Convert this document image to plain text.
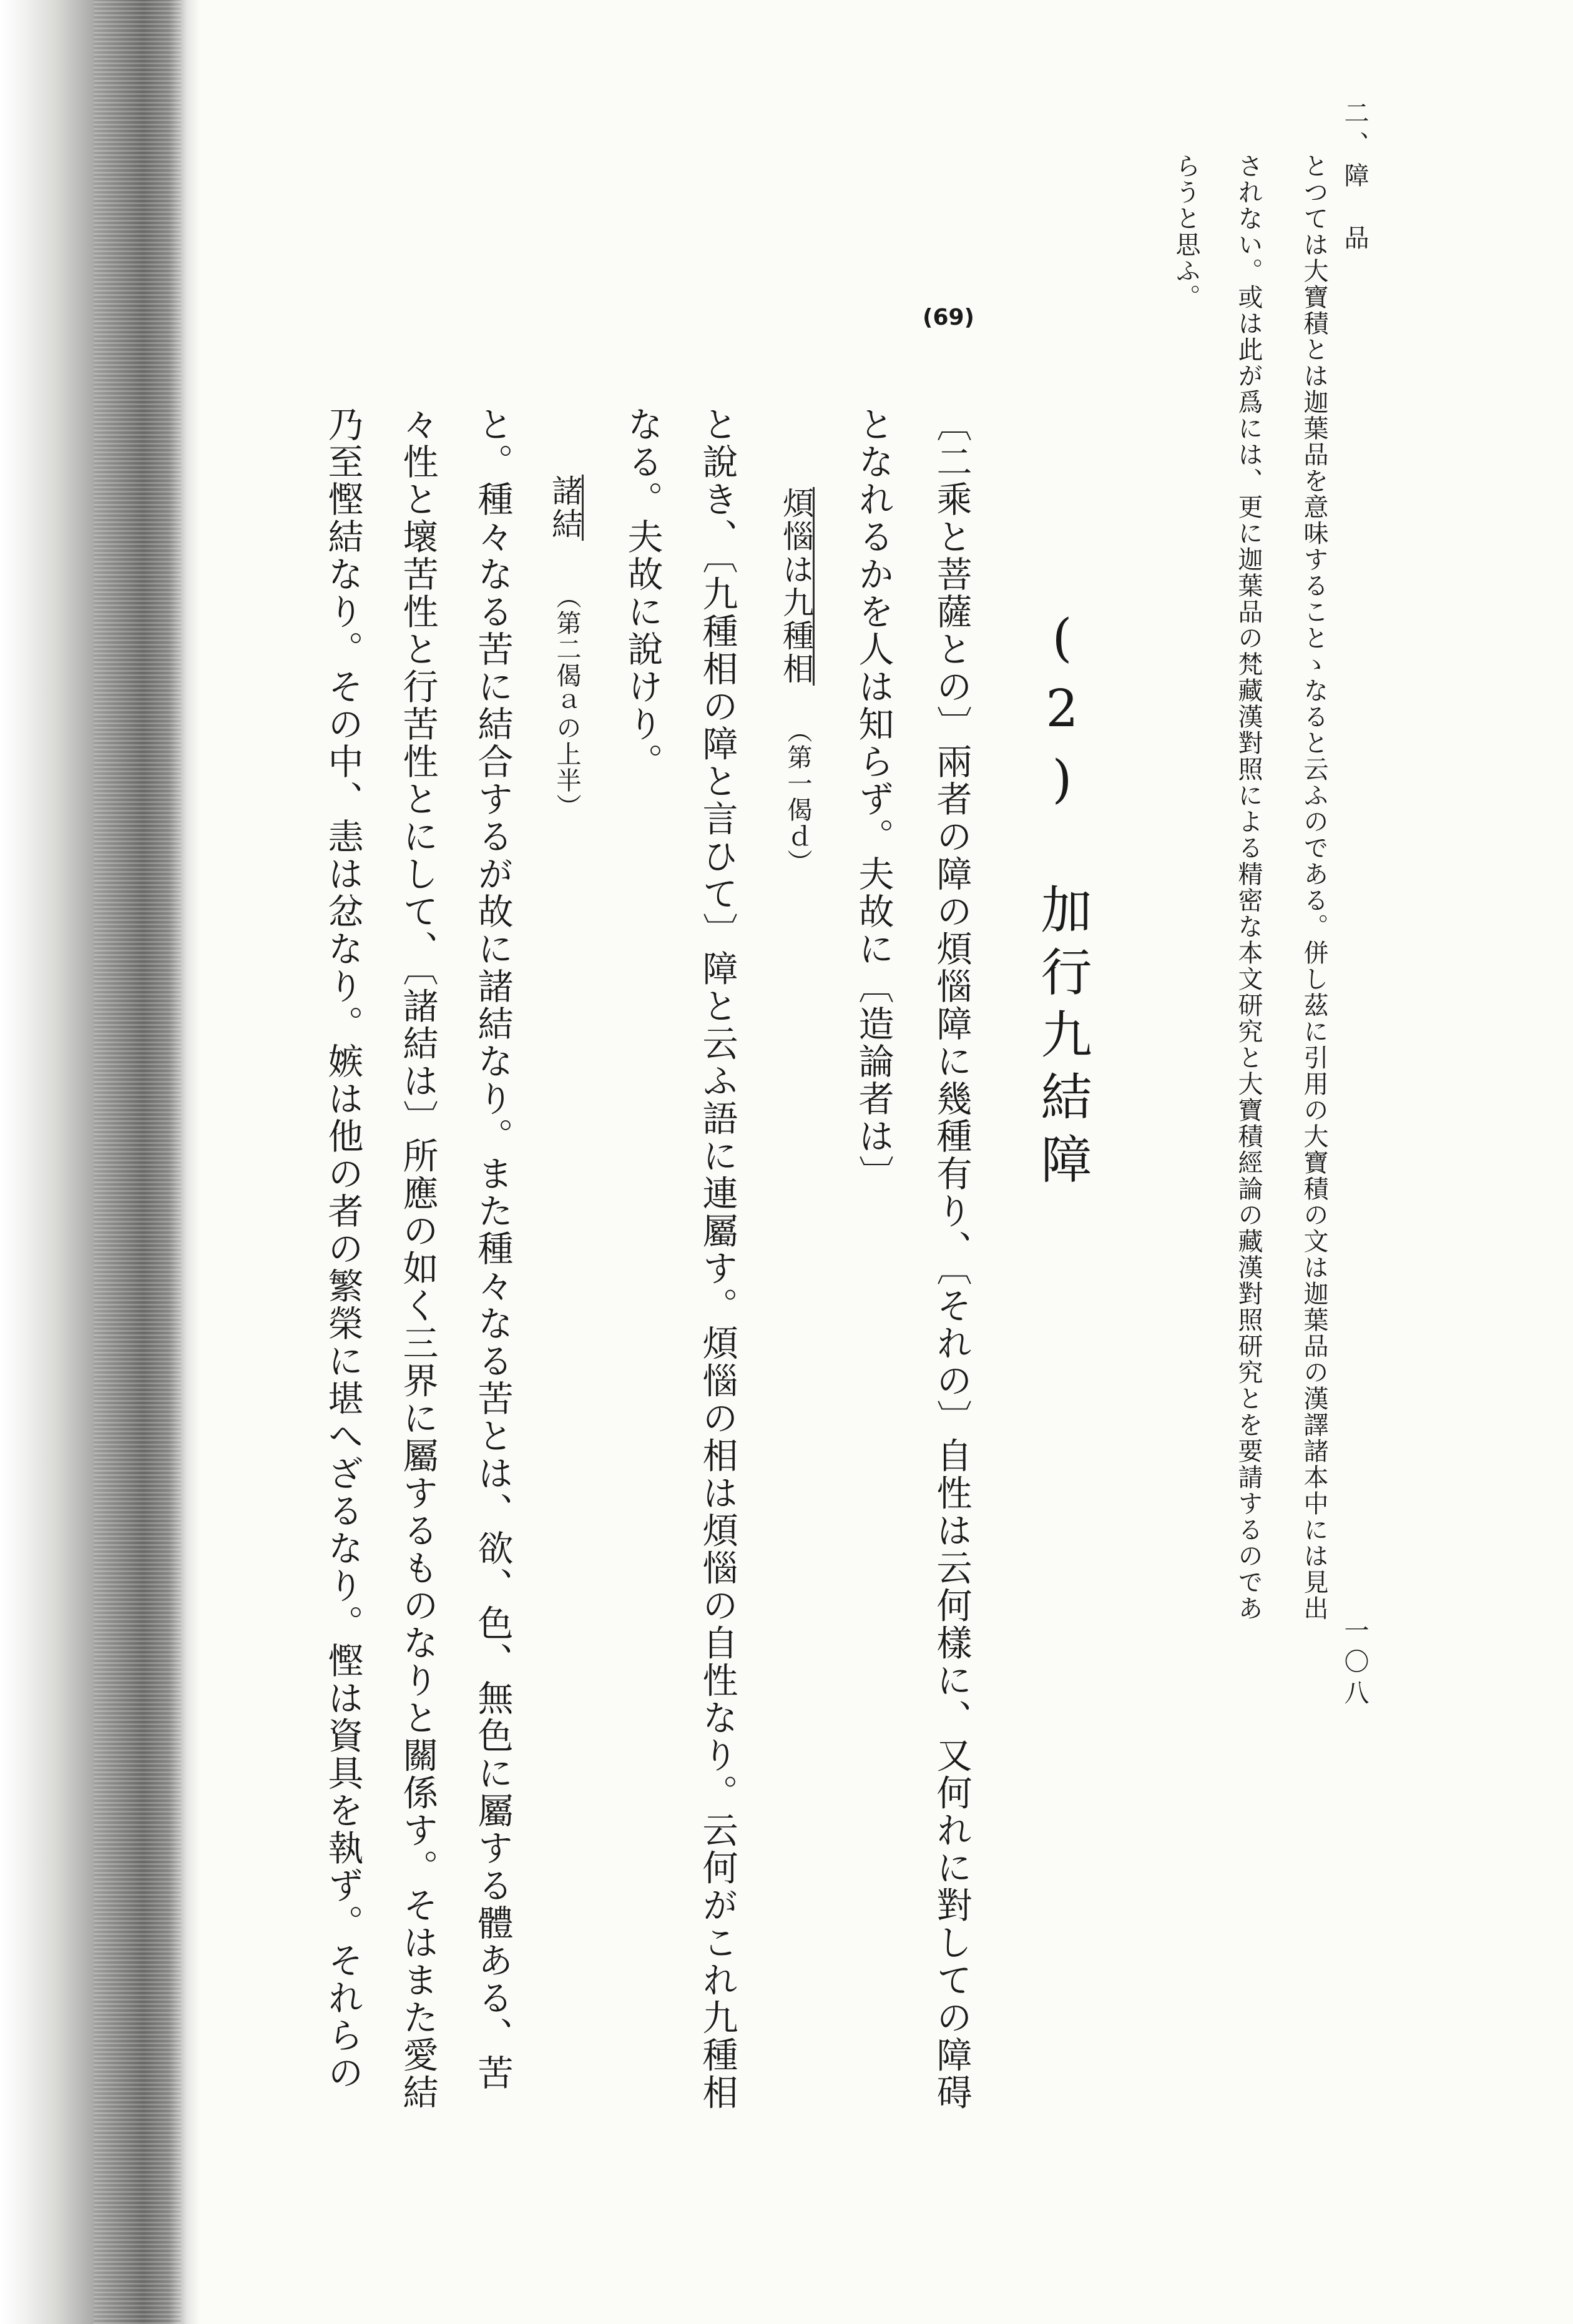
二、障　品
一〇八
とつては大寶積とは迦葉品を意味することゝなると云ふのである。併し茲に引用の大寶積の文は迦葉品の漢譯諸本中には見出
されない。或は此が爲には、更に迦葉品の梵藏漢對照による精密な本文研究と大寶積經論の藏漢對照研究とを要請するのであ
らうと思ふ。
(69)
(2)　加行九結障
〔二乘と菩薩との〕兩者の障の煩惱障に幾種有り、〔それの〕自性は云何樣に、又何れに對しての障碍
となれるかを人は知らず。夫故に〔造論者は〕
煩惱は九種相
（第一偈ｄ）
と說き、〔九種相の障と言ひて〕障と云ふ語に連屬す。煩惱の相は煩惱の自性なり。云何がこれ九種相
なる。夫故に說けり。
諸結
（第二偈ａの上半）
と。種々なる苦に結合するが故に諸結なり。また種々なる苦とは、欲、色、無色に屬する體ある、苦
々性と壞苦性と行苦性とにして、〔諸結は〕所應の如く三界に屬するものなりと關係す。そはまた愛結
乃至慳結なり。その中、恚は忿なり。嫉は他の者の繁榮に堪へざるなり。慳は資具を執ず。それらの
